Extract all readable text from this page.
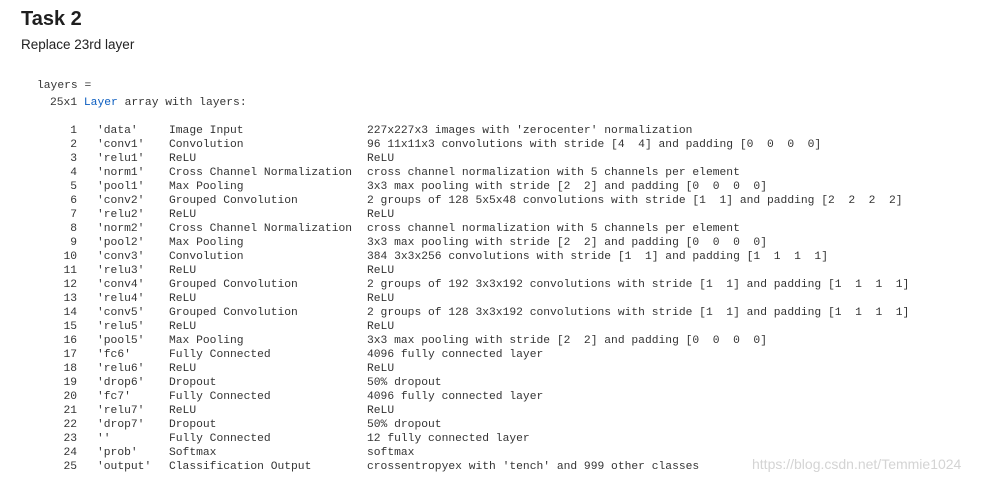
Task 2
Replace 23rd layer
layers =
25x1 Layer array with layers:
1	'data'	Image Input	227x227x3 images with 'zerocenter' normalization
2	'conv1'	Convolution	96 11x11x3 convolutions with stride [4  4] and padding [0  0  0  0]
3	'relu1'	ReLU	ReLU
4	'norm1'	Cross Channel Normalization	cross channel normalization with 5 channels per element
5	'pool1'	Max Pooling	3x3 max pooling with stride [2  2] and padding [0  0  0  0]
6	'conv2'	Grouped Convolution	2 groups of 128 5x5x48 convolutions with stride [1  1] and padding [2  2  2  2]
7	'relu2'	ReLU	ReLU
8	'norm2'	Cross Channel Normalization	cross channel normalization with 5 channels per element
9	'pool2'	Max Pooling	3x3 max pooling with stride [2  2] and padding [0  0  0  0]
10	'conv3'	Convolution	384 3x3x256 convolutions with stride [1  1] and padding [1  1  1  1]
11	'relu3'	ReLU	ReLU
12	'conv4'	Grouped Convolution	2 groups of 192 3x3x192 convolutions with stride [1  1] and padding [1  1  1  1]
13	'relu4'	ReLU	ReLU
14	'conv5'	Grouped Convolution	2 groups of 128 3x3x192 convolutions with stride [1  1] and padding [1  1  1  1]
15	'relu5'	ReLU	ReLU
16	'pool5'	Max Pooling	3x3 max pooling with stride [2  2] and padding [0  0  0  0]
17	'fc6'	Fully Connected	4096 fully connected layer
18	'relu6'	ReLU	ReLU
19	'drop6'	Dropout	50% dropout
20	'fc7'	Fully Connected	4096 fully connected layer
21	'relu7'	ReLU	ReLU
22	'drop7'	Dropout	50% dropout
23	''	Fully Connected	12 fully connected layer
24	'prob'	Softmax	softmax
25	'output'	Classification Output	crossentropyex with 'tench' and 999 other classes	https://blog.csdn.net/Temmie1024
